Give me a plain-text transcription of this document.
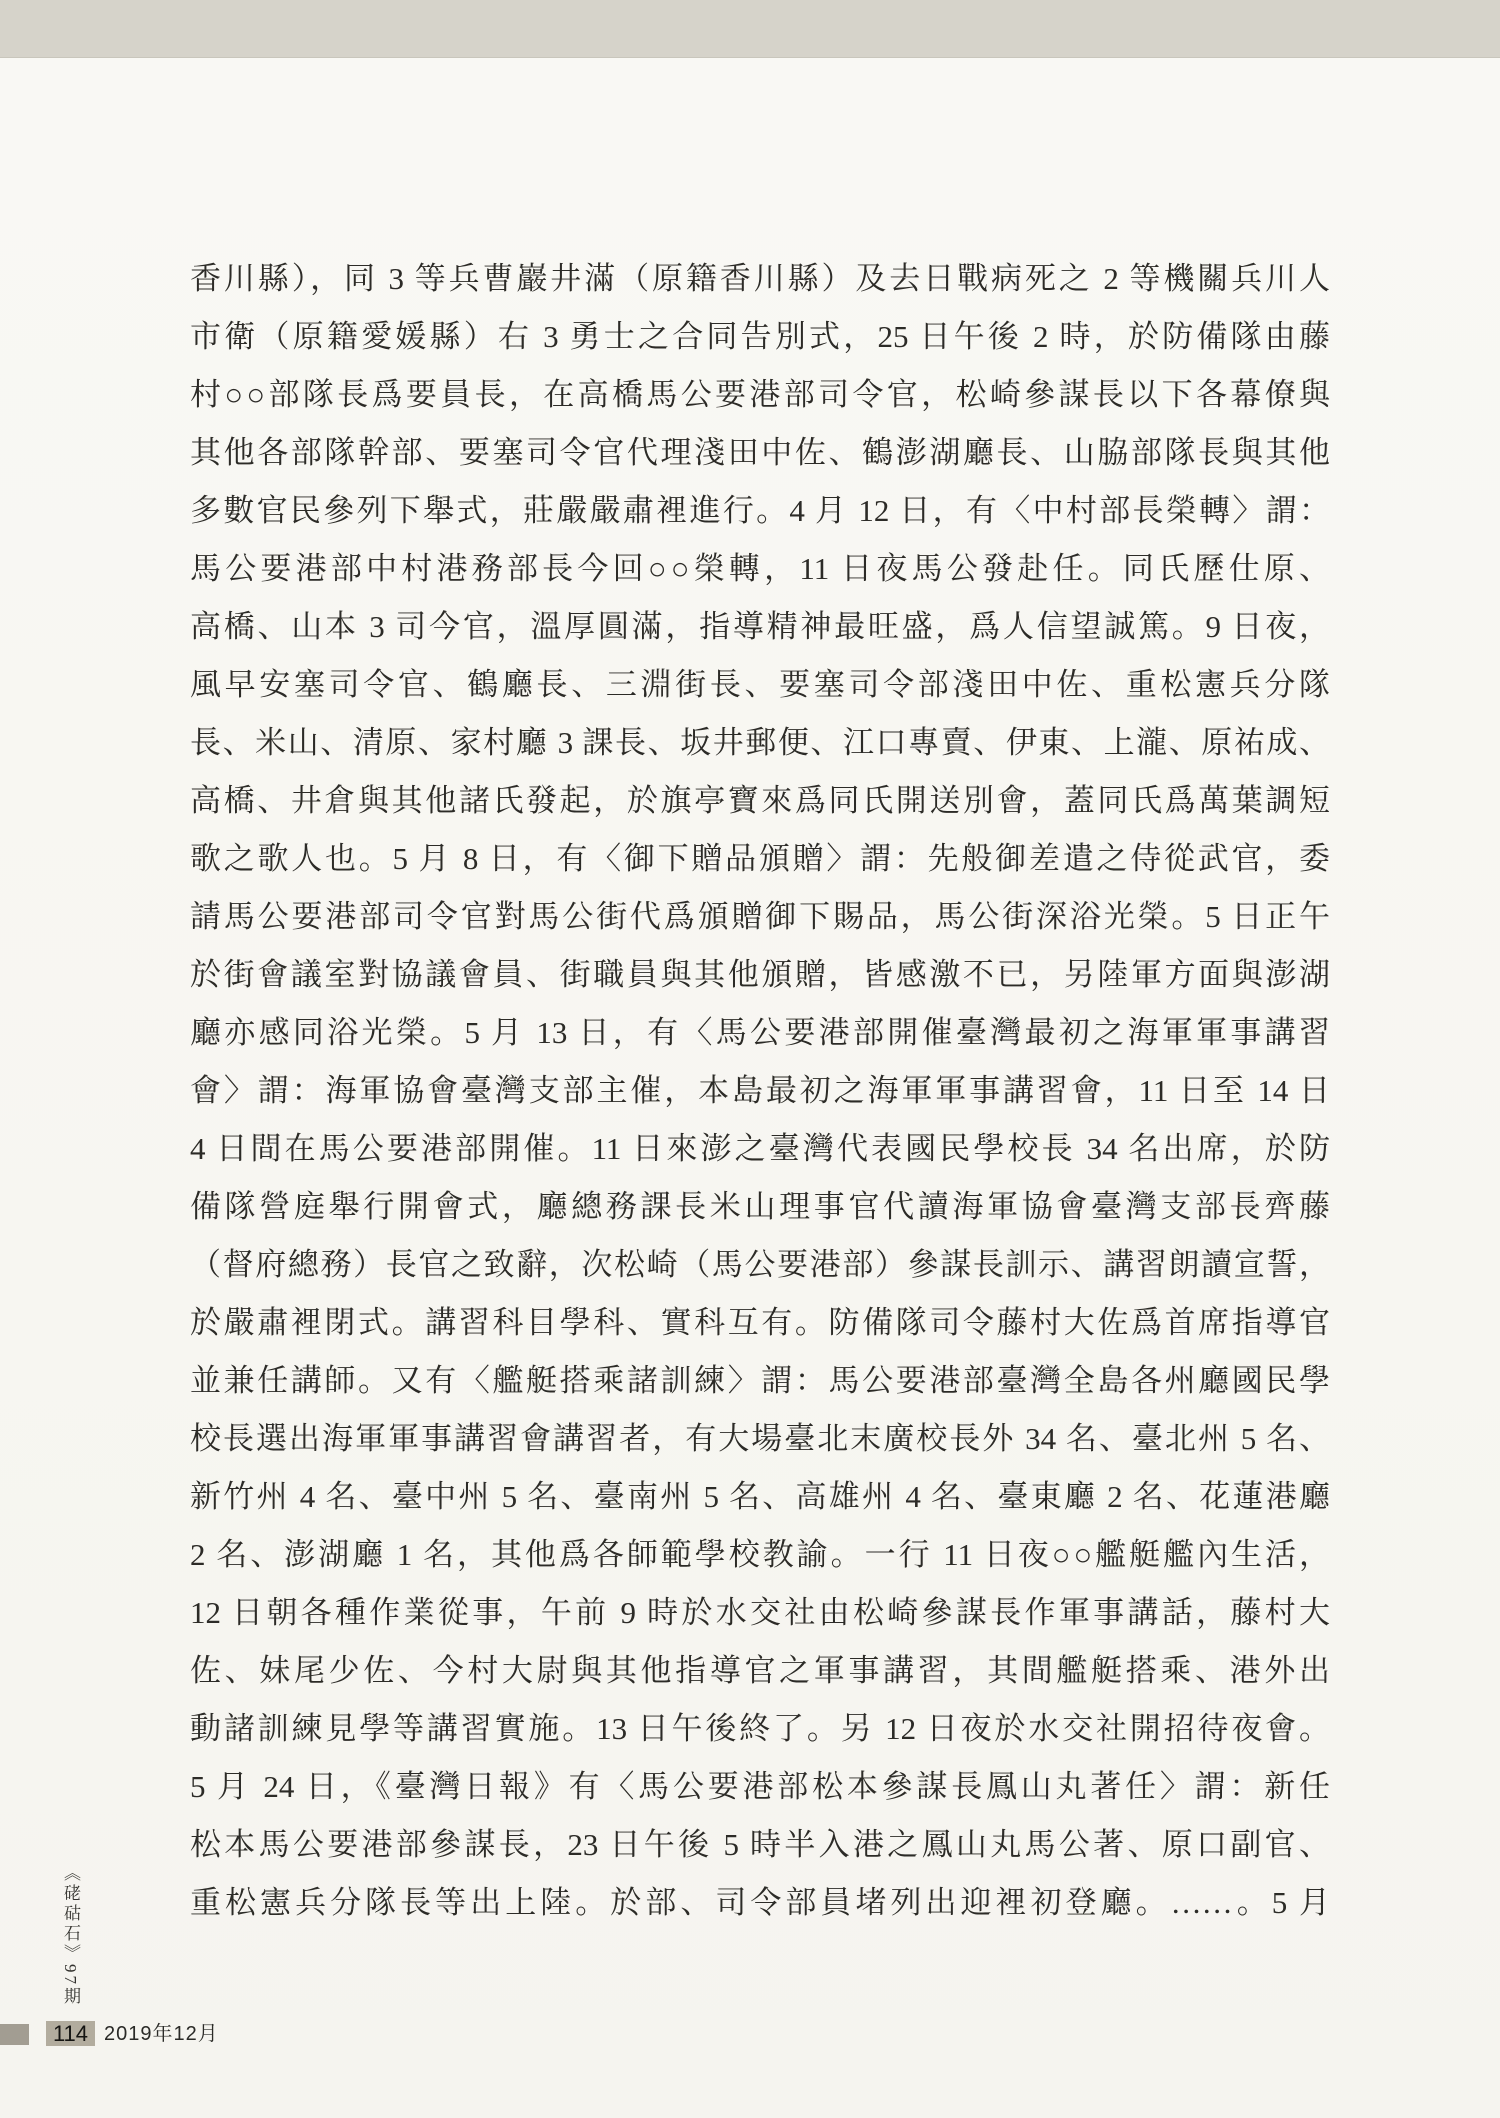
香川縣），同 3 等兵曹巖井滿（原籍香川縣）及去日戰病死之 2 等機關兵川人
市衛（原籍愛媛縣）右 3 勇士之合同告別式，25 日午後 2 時，於防備隊由藤
村○○部隊長爲要員長，在高橋馬公要港部司令官，松崎參謀長以下各幕僚與
其他各部隊幹部、要塞司令官代理淺田中佐、鶴澎湖廳長、山脇部隊長與其他
多數官民參列下舉式，莊嚴嚴肅裡進行。4 月 12 日，有〈中村部長榮轉〉謂：
馬公要港部中村港務部長今回○○榮轉，11 日夜馬公發赴任。同氏歷仕原、
高橋、山本 3 司今官，溫厚圓滿，指導精神最旺盛，爲人信望誠篤。9 日夜，
風早安塞司令官、鶴廳長、三淵街長、要塞司令部淺田中佐、重松憲兵分隊
長、米山、清原、家村廳 3 課長、坂井郵便、江口專賣、伊東、上瀧、原祐成、
高橋、井倉與其他諸氏發起，於旗亭寶來爲同氏開送別會，蓋同氏爲萬葉調短
歌之歌人也。5 月 8 日，有〈御下贈品頒贈〉謂：先般御差遣之侍從武官，委
請馬公要港部司令官對馬公街代爲頒贈御下賜品，馬公街深浴光榮。5 日正午
於街會議室對協議會員、街職員與其他頒贈，皆感激不已，另陸軍方面與澎湖
廳亦感同浴光榮。5 月 13 日，有〈馬公要港部開催臺灣最初之海軍軍事講習
會〉謂：海軍協會臺灣支部主催，本島最初之海軍軍事講習會，11 日至 14 日
4 日間在馬公要港部開催。11 日來澎之臺灣代表國民學校長 34 名出席，於防
備隊營庭舉行開會式，廳總務課長米山理事官代讀海軍協會臺灣支部長齊藤
（督府總務）長官之致辭，次松崎（馬公要港部）參謀長訓示、講習朗讀宣誓，
於嚴肅裡閉式。講習科目學科、實科互有。防備隊司令藤村大佐爲首席指導官
並兼任講師。又有〈艦艇搭乘諸訓練〉謂：馬公要港部臺灣全島各州廳國民學
校長選出海軍軍事講習會講習者，有大場臺北末廣校長外 34 名、臺北州 5 名、
新竹州 4 名、臺中州 5 名、臺南州 5 名、高雄州 4 名、臺東廳 2 名、花蓮港廳
2 名、澎湖廳 1 名，其他爲各師範學校教諭。一行 11 日夜○○艦艇艦內生活，
12 日朝各種作業從事，午前 9 時於水交社由松崎參謀長作軍事講話，藤村大
佐、妹尾少佐、今村大尉與其他指導官之軍事講習，其間艦艇搭乘、港外出
動諸訓練見學等講習實施。13 日午後終了。另 12 日夜於水交社開招待夜會。
5 月 24 日，《臺灣日報》有〈馬公要港部松本參謀長鳳山丸著任〉謂：新任
松本馬公要港部參謀長，23 日午後 5 時半入港之鳳山丸馬公著、原口副官、
重松憲兵分隊長等出上陸。於部、司令部員堵列出迎裡初登廳。……。5 月
《硓𥑮石》97期
114 2019年12月
